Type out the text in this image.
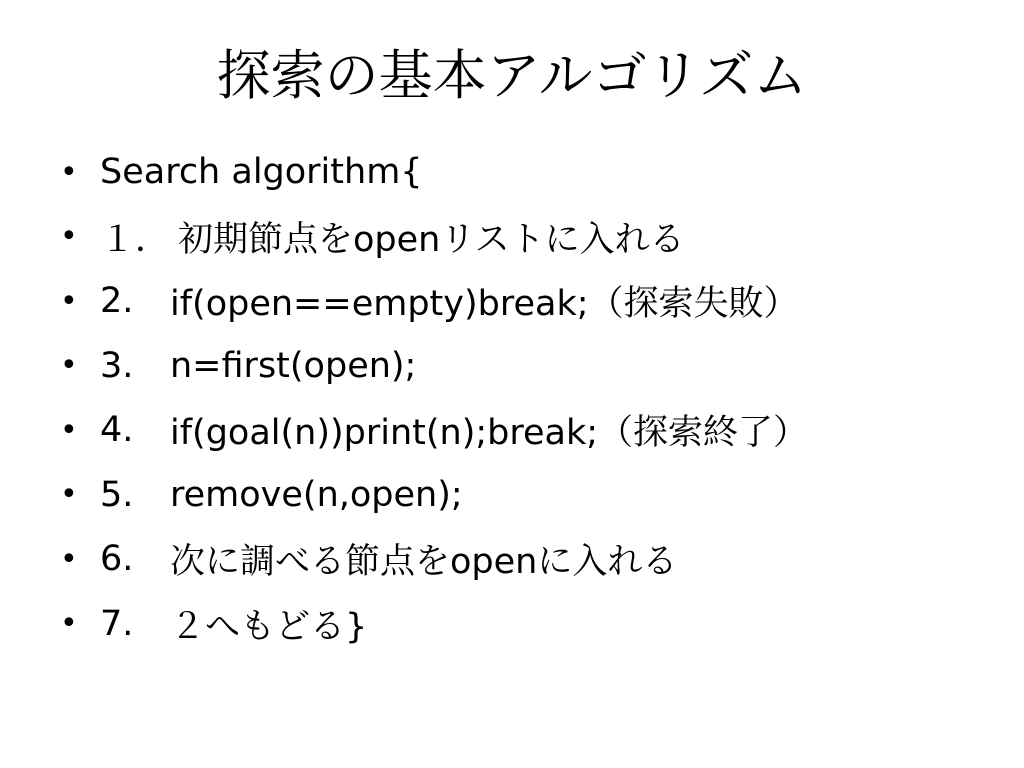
探索の基本アルゴリズム
• Search algorithm{
• １． 初期節点をopenリストに入れる
• 2.	if(open==empty)break;（探索失敗）
• 3.	n=first(open);
• 4.	if(goal(n))print(n);break;（探索終了）
• 5.	remove(n,open);
• 6.	次に調べる節点をopenに入れる
• 7.	２へもどる}
